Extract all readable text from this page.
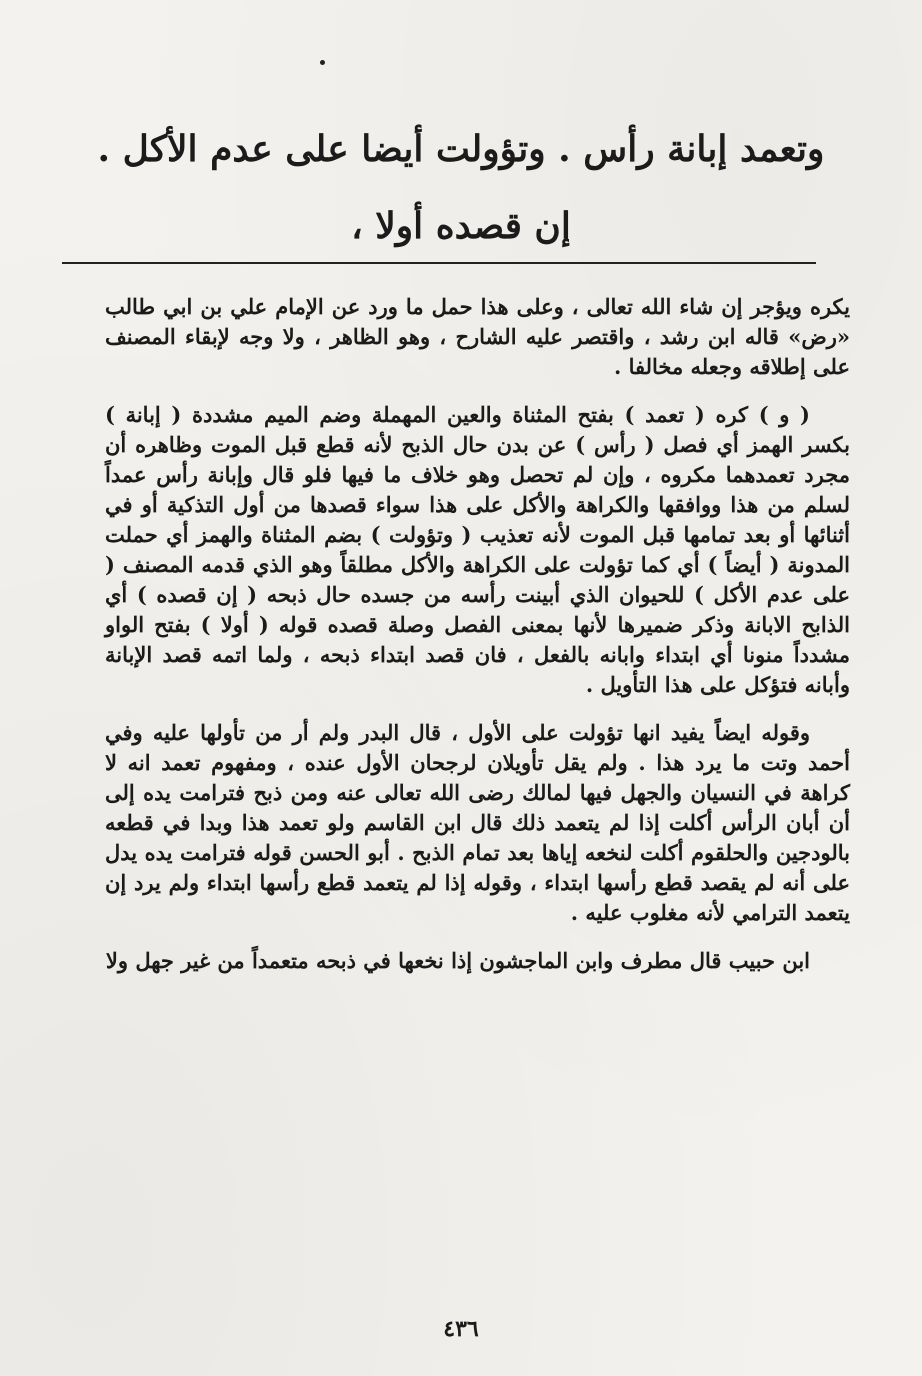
وتعمد إبانة رأس . وتؤولت أيضا على عدم الأكل .
إن قصده أولا ،

يكره ويؤجر إن شاء الله تعالى ، وعلى هذا حمل ما ورد عن الإمام علي بن ابي طالب «رض» قاله ابن رشد ، واقتصر عليه الشارح ، وهو الظاهر ، ولا وجه لإبقاء المصنف على إطلاقه وجعله مخالفا .

( و ) كره ( تعمد ) بفتح المثناة والعين المهملة وضم الميم مشددة ( إبانة ) بكسر الهمز أي فصل ( رأس ) عن بدن حال الذبح لأنه قطع قبل الموت وظاهره أن مجرد تعمدهما مكروه ، وإن لم تحصل وهو خلاف ما فيها فلو قال وإبانة رأس عمداً لسلم من هذا ووافقها والكراهة والأكل على هذا سواء قصدها من أول التذكية أو في أثنائها أو بعد تمامها قبل الموت لأنه تعذيب ( وتؤولت ) بضم المثناة والهمز أي حملت المدونة ( أيضاً ) أي كما تؤولت على الكراهة والأكل مطلقاً وهو الذي قدمه المصنف ( على عدم الأكل ) للحيوان الذي أبينت رأسه من جسده حال ذبحه ( إن قصده ) أي الذابح الابانة وذكر ضميرها لأنها بمعنى الفصل وصلة قصده قوله ( أولا ) بفتح الواو مشدداً منونا أي ابتداء وابانه بالفعل ، فان قصد ابتداء ذبحه ، ولما اتمه قصد الإبانة وأبانه فتؤكل على هذا التأويل .

وقوله ايضاً يفيد انها تؤولت على الأول ، قال البدر ولم أر من تأولها عليه وفي أحمد وتت ما يرد هذا . ولم يقل تأويلان لرجحان الأول عنده ، ومفهوم تعمد انه لا كراهة في النسيان والجهل فيها لمالك رضى الله تعالى عنه ومن ذبح فترامت يده إلى أن أبان الرأس أكلت إذا لم يتعمد ذلك قال ابن القاسم ولو تعمد هذا وبدا في قطعه بالودجين والحلقوم أكلت لنخعه إياها بعد تمام الذبح . أبو الحسن قوله فترامت يده يدل على أنه لم يقصد قطع رأسها ابتداء ، وقوله إذا لم يتعمد قطع رأسها ابتداء ولم يرد إن يتعمد الترامي لأنه مغلوب عليه .

ابن حبيب قال مطرف وابن الماجشون إذا نخعها في ذبحه متعمداً من غير جهل ولا

٤٣٦
